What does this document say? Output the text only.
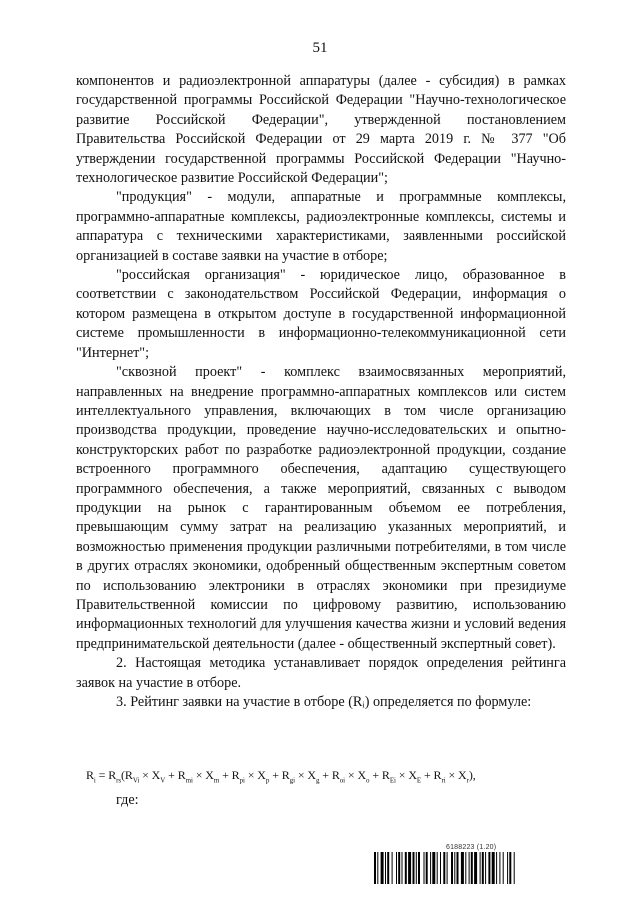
51

компонентов и радиоэлектронной аппаратуры (далее - субсидия) в рамках государственной программы Российской Федерации "Научно-технологическое развитие Российской Федерации", утвержденной постановлением Правительства Российской Федерации от 29 марта 2019 г. № 377 "Об утверждении государственной программы Российской Федерации "Научно-технологическое развитие Российской Федерации";

"продукция" - модули, аппаратные и программные комплексы, программно-аппаратные комплексы, радиоэлектронные комплексы, системы и аппаратура с техническими характеристиками, заявленными российской организацией в составе заявки на участие в отборе;

"российская организация" - юридическое лицо, образованное в соответствии с законодательством Российской Федерации, информация о котором размещена в открытом доступе в государственной информационной системе промышленности в информационно-телекоммуникационной сети "Интернет";

"сквозной проект" - комплекс взаимосвязанных мероприятий, направленных на внедрение программно-аппаратных комплексов или систем интеллектуального управления, включающих в том числе организацию производства продукции, проведение научно-исследовательских и опытно-конструкторских работ по разработке радиоэлектронной продукции, создание встроенного программного обеспечения, адаптацию существующего программного обеспечения, а также мероприятий, связанных с выводом продукции на рынок с гарантированным объемом ее потребления, превышающим сумму затрат на реализацию указанных мероприятий, и возможностью применения продукции различными потребителями, в том числе в других отраслях экономики, одобренный общественным экспертным советом по использованию электроники в отраслях экономики при президиуме Правительственной комиссии по цифровому развитию, использованию информационных технологий для улучшения качества жизни и условий ведения предпринимательской деятельности (далее - общественный экспертный совет).

2. Настоящая методика устанавливает порядок определения рейтинга заявок на участие в отборе.

3. Рейтинг заявки на участие в отборе (Rᵢ) определяется по формуле:

$R_i = R_{rs}(R_{Vi} \times X_V + R_{mi} \times X_m + R_{pi} \times X_p + R_{gi} \times X_g + R_{oi} \times X_o + R_{Ei} \times X_E + R_{ri} \times X_r)$,
где:
6188223 (1.20)
